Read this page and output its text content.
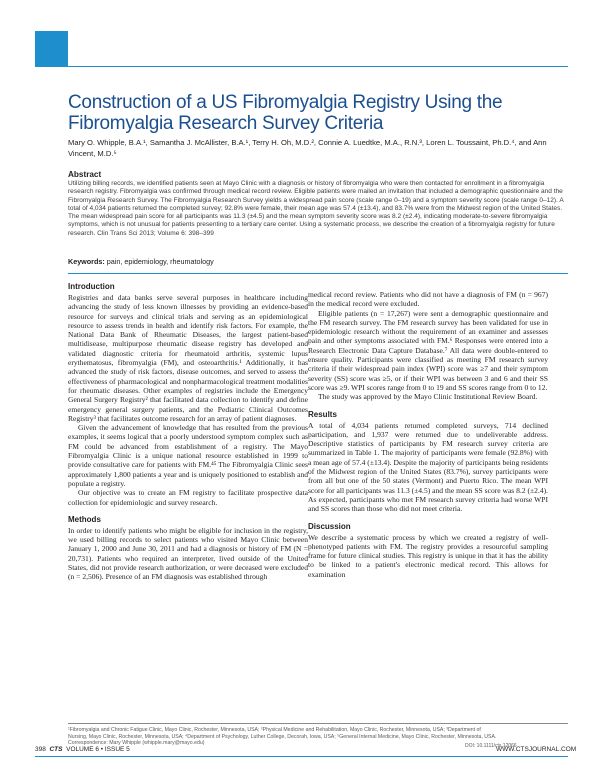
Construction of a US Fibromyalgia Registry Using the Fibromyalgia Research Survey Criteria
Mary O. Whipple, B.A.¹, Samantha J. McAllister, B.A.¹, Terry H. Oh, M.D.², Connie A. Luedtke, M.A., R.N.³, Loren L. Toussaint, Ph.D.⁴, and Ann Vincent, M.D.⁵
Abstract

Utilizing billing records, we identified patients seen at Mayo Clinic with a diagnosis or history of fibromyalgia who were then contacted for enrollment in a fibromyalgia research registry. Fibromyalgia was confirmed through medical record review. Eligible patients were mailed an invitation that included a demographic questionnaire and the Fibromyalgia Research Survey. The Fibromyalgia Research Survey yields a widespread pain score (scale range 0–19) and a symptom severity score (scale range 0–12). A total of 4,034 patients returned the completed survey; 92.8% were female, their mean age was 57.4 (±13.4), and 83.7% were from the Midwest region of the United States. The mean widespread pain score for all participants was 11.3 (±4.5) and the mean symptom severity score was 8.2 (±2.4), indicating moderate-to-severe fibromyalgia symptoms, which is not unusual for patients presenting to a tertiary care center. Using a systematic process, we describe the creation of a fibromyalgia registry for future research. Clin Trans Sci 2013; Volume 6: 398–399

Keywords: pain, epidemiology, rheumatology
Introduction

Registries and data banks serve several purposes in healthcare including advancing the study of less known illnesses by providing an evidence-based resource for surveys and clinical trials and serving as an epidemiological resource to assess trends in health and identify risk factors. For example, the National Data Bank of Rheumatic Diseases, the largest patient-based multidisease, multipurpose rheumatic disease registry has developed and validated diagnostic criteria for rheumatoid arthritis, systemic lupus erythematosus, fibromyalgia (FM), and osteoarthritis.¹ Additionally, it has advanced the study of risk factors, disease outcomes, and served to assess the effectiveness of pharmacological and nonpharmacological treatment modalities for rheumatic diseases. Other examples of registries include the Emergency General Surgery Registry² that facilitated data collection to identify and define emergency general surgery patients, and the Pediatric Clinical Outcomes Registry³ that facilitates outcome research for an array of patient diagnoses.

Given the advancement of knowledge that has resulted from the previous examples, it seems logical that a poorly understood symptom complex such as FM could be advanced from establishment of a registry. The Mayo Fibromyalgia Clinic is a unique national resource established in 1999 to provide consultative care for patients with FM.⁴⁵ The Fibromyalgia Clinic sees approximately 1,800 patients a year and is uniquely positioned to establish and populate a registry.

Our objective was to create an FM registry to facilitate prospective data collection for epidemiologic and survey research.

Methods

In order to identify patients who might be eligible for inclusion in the registry, we used billing records to select patients who visited Mayo Clinic between January 1, 2000 and June 30, 2011 and had a diagnosis or history of FM (N = 20,731). Patients who required an interpreter, lived outside of the United States, did not provide research authorization, or were deceased were excluded (n = 2,506). Presence of an FM diagnosis was established through

medical record review. Patients who did not have a diagnosis of FM (n = 967) in the medical record were excluded.

Eligible patients (n = 17,267) were sent a demographic questionnaire and the FM research survey. The FM research survey has been validated for use in epidemiologic research without the requirement of an examiner and assesses pain and other symptoms associated with FM.⁶ Responses were entered into a Research Electronic Data Capture Database.⁷ All data were double-entered to ensure quality. Participants were classified as meeting FM research survey criteria if their widespread pain index (WPI) score was ≥7 and their symptom severity (SS) score was ≥5, or if their WPI was between 3 and 6 and their SS score was ≥9. WPI scores range from 0 to 19 and SS scores range from 0 to 12.

The study was approved by the Mayo Clinic Institutional Review Board.

Results

A total of 4,034 patients returned completed surveys, 714 declined participation, and 1,937 were returned due to undeliverable address. Descriptive statistics of participants by FM research survey criteria are summarized in Table 1. The majority of participants were female (92.8%) with a mean age of 57.4 (±13.4). Despite the majority of participants being residents of the Midwest region of the United States (83.7%), survey participants were from all but one of the 50 states (Vermont) and Puerto Rico. The mean WPI score for all participants was 11.3 (±4.5) and the mean SS score was 8.2 (±2.4). As expected, participants who met FM research survey criteria had worse WPI and SS scores than those who did not meet criteria.

Discussion

We describe a systematic process by which we created a registry of well-phenotyped patients with FM. The registry provides a resourceful sampling frame for future clinical studies. This registry is unique in that it has the ability to be linked to a patient's electronic medical record. This allows for examination

¹Fibromyalgia and Chronic Fatigue Clinic, Mayo Clinic, Rochester, Minnesota, USA; ²Physical Medicine and Rehabilitation, Mayo Clinic, Rochester, Minnesota, USA; ³Department of
Nursing, Mayo Clinic, Rochester, Minnesota, USA; ⁴Department of Psychology, Luther College, Decorah, Iowa, USA; ⁵General Internal Medicine, Mayo Clinic, Rochester, Minnesota, USA.
Correspondence: Mary Whipple (whipple.mary@mayo.edu)	DOI: 10.1111/cts.12066
398 CTS VOLUME 6 • ISSUE 5	WWW.CTSJOURNAL.COM
